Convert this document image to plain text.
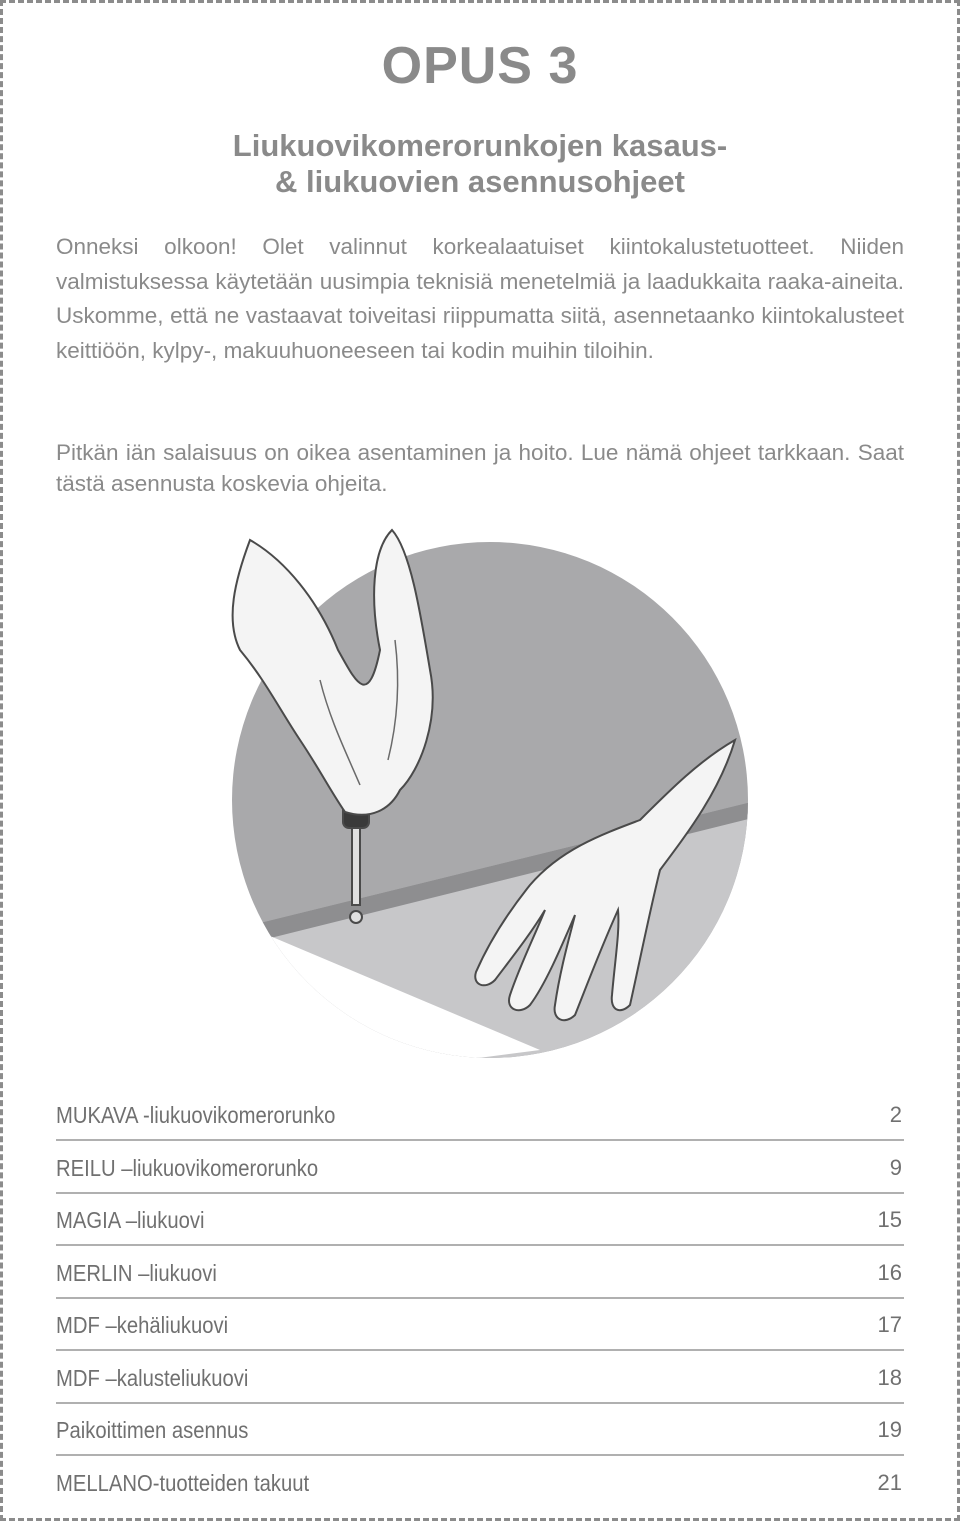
OPUS 3
Liukuovikomerorunkojen kasaus-
& liukuovien asennusohjeet

Onneksi olkoon! Olet valinnut korkealaatuiset kiintokalustetuotteet. Niiden valmistuksessa käytetään uusimpia teknisiä menetelmiä ja laadukkaita raaka-aineita. Uskomme, että ne vastaavat toiveitasi riippumatta siitä, asennetaanko kiintokalusteet keittiöön, kylpy-, makuuhuoneeseen tai kodin muihin tiloihin.

Pitkän iän salaisuus on oikea asentaminen ja hoito. Lue nämä ohjeet tarkkaan. Saat tästä asennusta koskevia ohjeita.

MUKAVA -liukuovikomerorunko	2
REILU –liukuovikomerorunko	9
MAGIA –liukuovi	15
MERLIN –liukuovi	16
MDF –kehäliukuovi	17
MDF –kalusteliukuovi	18
Paikoittimen asennus	19
MELLANO-tuotteiden takuut	21
